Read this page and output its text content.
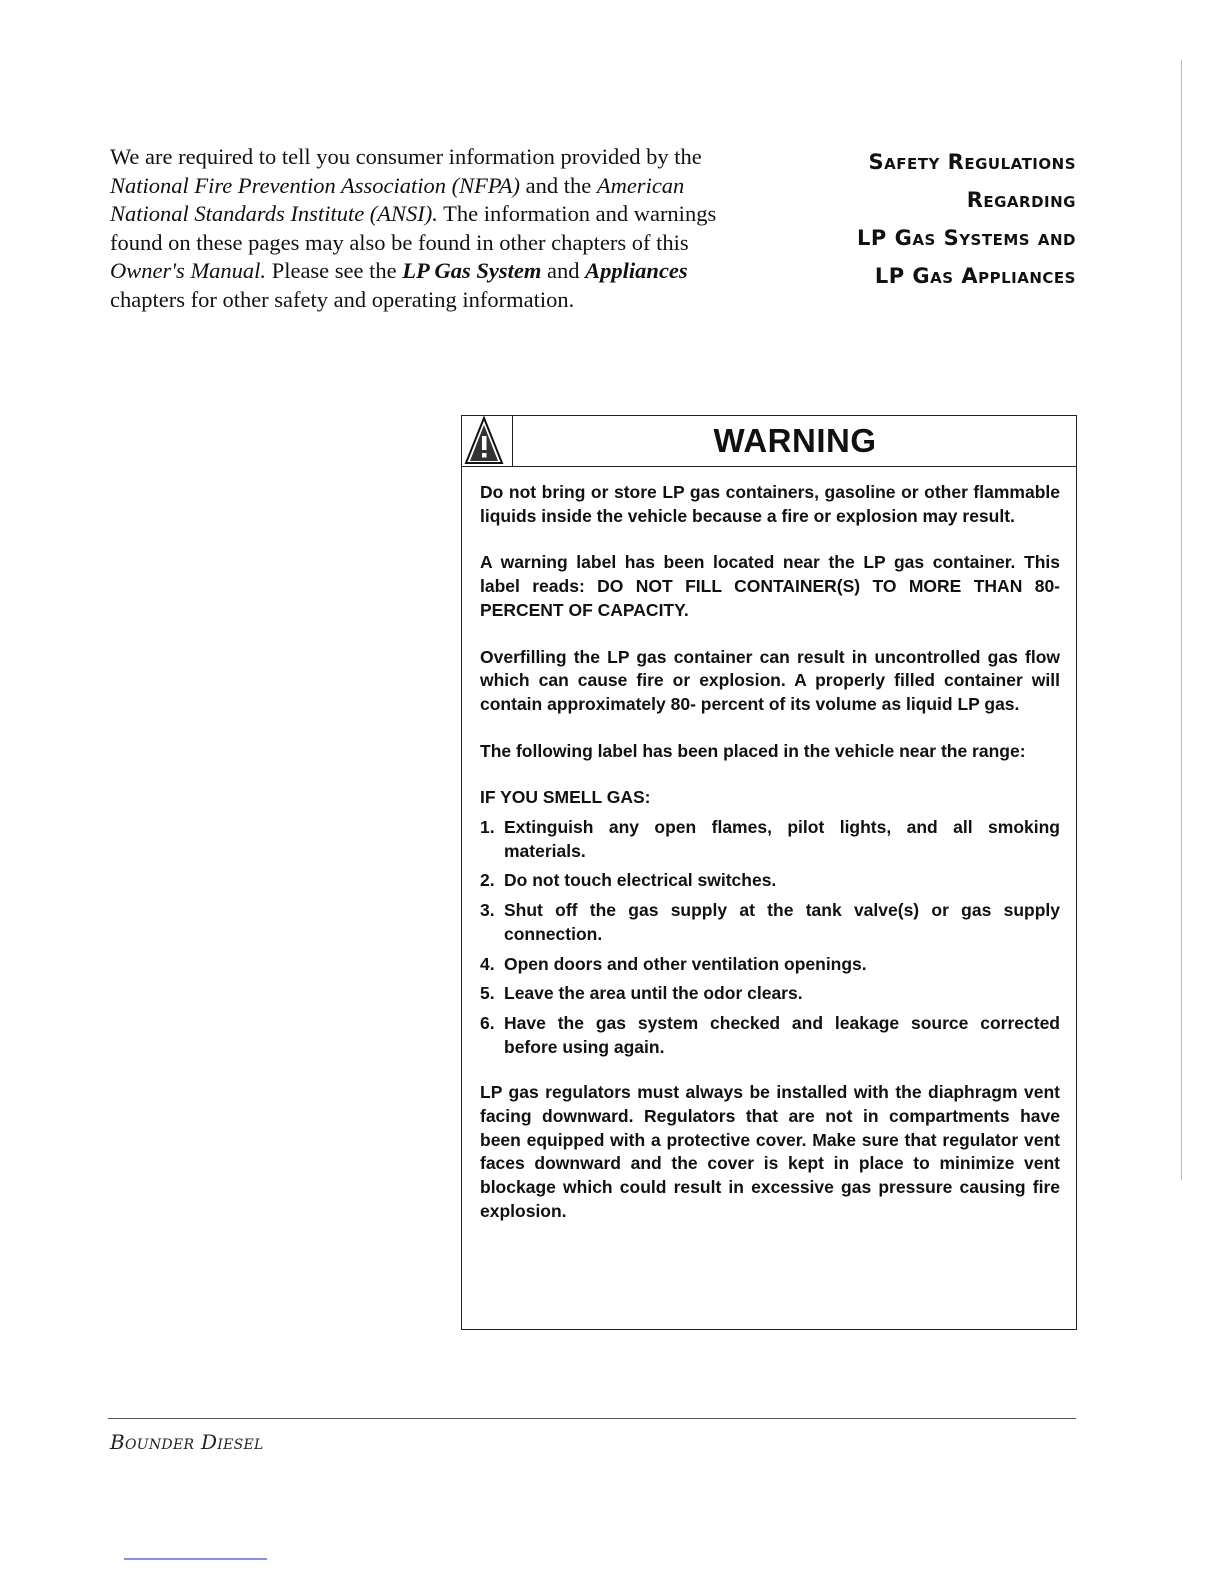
We are required to tell you consumer information provided by the National Fire Prevention Association (NFPA) and the American National Standards Institute (ANSI). The information and warnings found on these pages may also be found in other chapters of this Owner's Manual. Please see the LP Gas System and Appliances chapters for other safety and operating information.

Safety Regulations
Regarding
LP Gas Systems and
LP Gas Appliances
WARNING

Do not bring or store LP gas containers, gasoline or other flammable liquids inside the vehicle because a fire or explosion may result.

A warning label has been located near the LP gas container. This label reads: DO NOT FILL CONTAINER(S) TO MORE THAN 80-PERCENT OF CAPACITY.

Overfilling the LP gas container can result in uncontrolled gas flow which can cause fire or explosion. A properly filled container will contain approximately 80- percent of its volume as liquid LP gas.

The following label has been placed in the vehicle near the range:

IF YOU SMELL GAS:

1. Extinguish any open flames, pilot lights, and all smoking materials.
2. Do not touch electrical switches.
3. Shut off the gas supply at the tank valve(s) or gas supply connection.
4. Open doors and other ventilation openings.
5. Leave the area until the odor clears.
6. Have the gas system checked and leakage source corrected before using again.

LP gas regulators must always be installed with the diaphragm vent facing downward. Regulators that are not in compartments have been equipped with a protective cover. Make sure that regulator vent faces downward and the cover is kept in place to minimize vent blockage which could result in excessive gas pressure causing fire explosion.

Bounder Diesel
